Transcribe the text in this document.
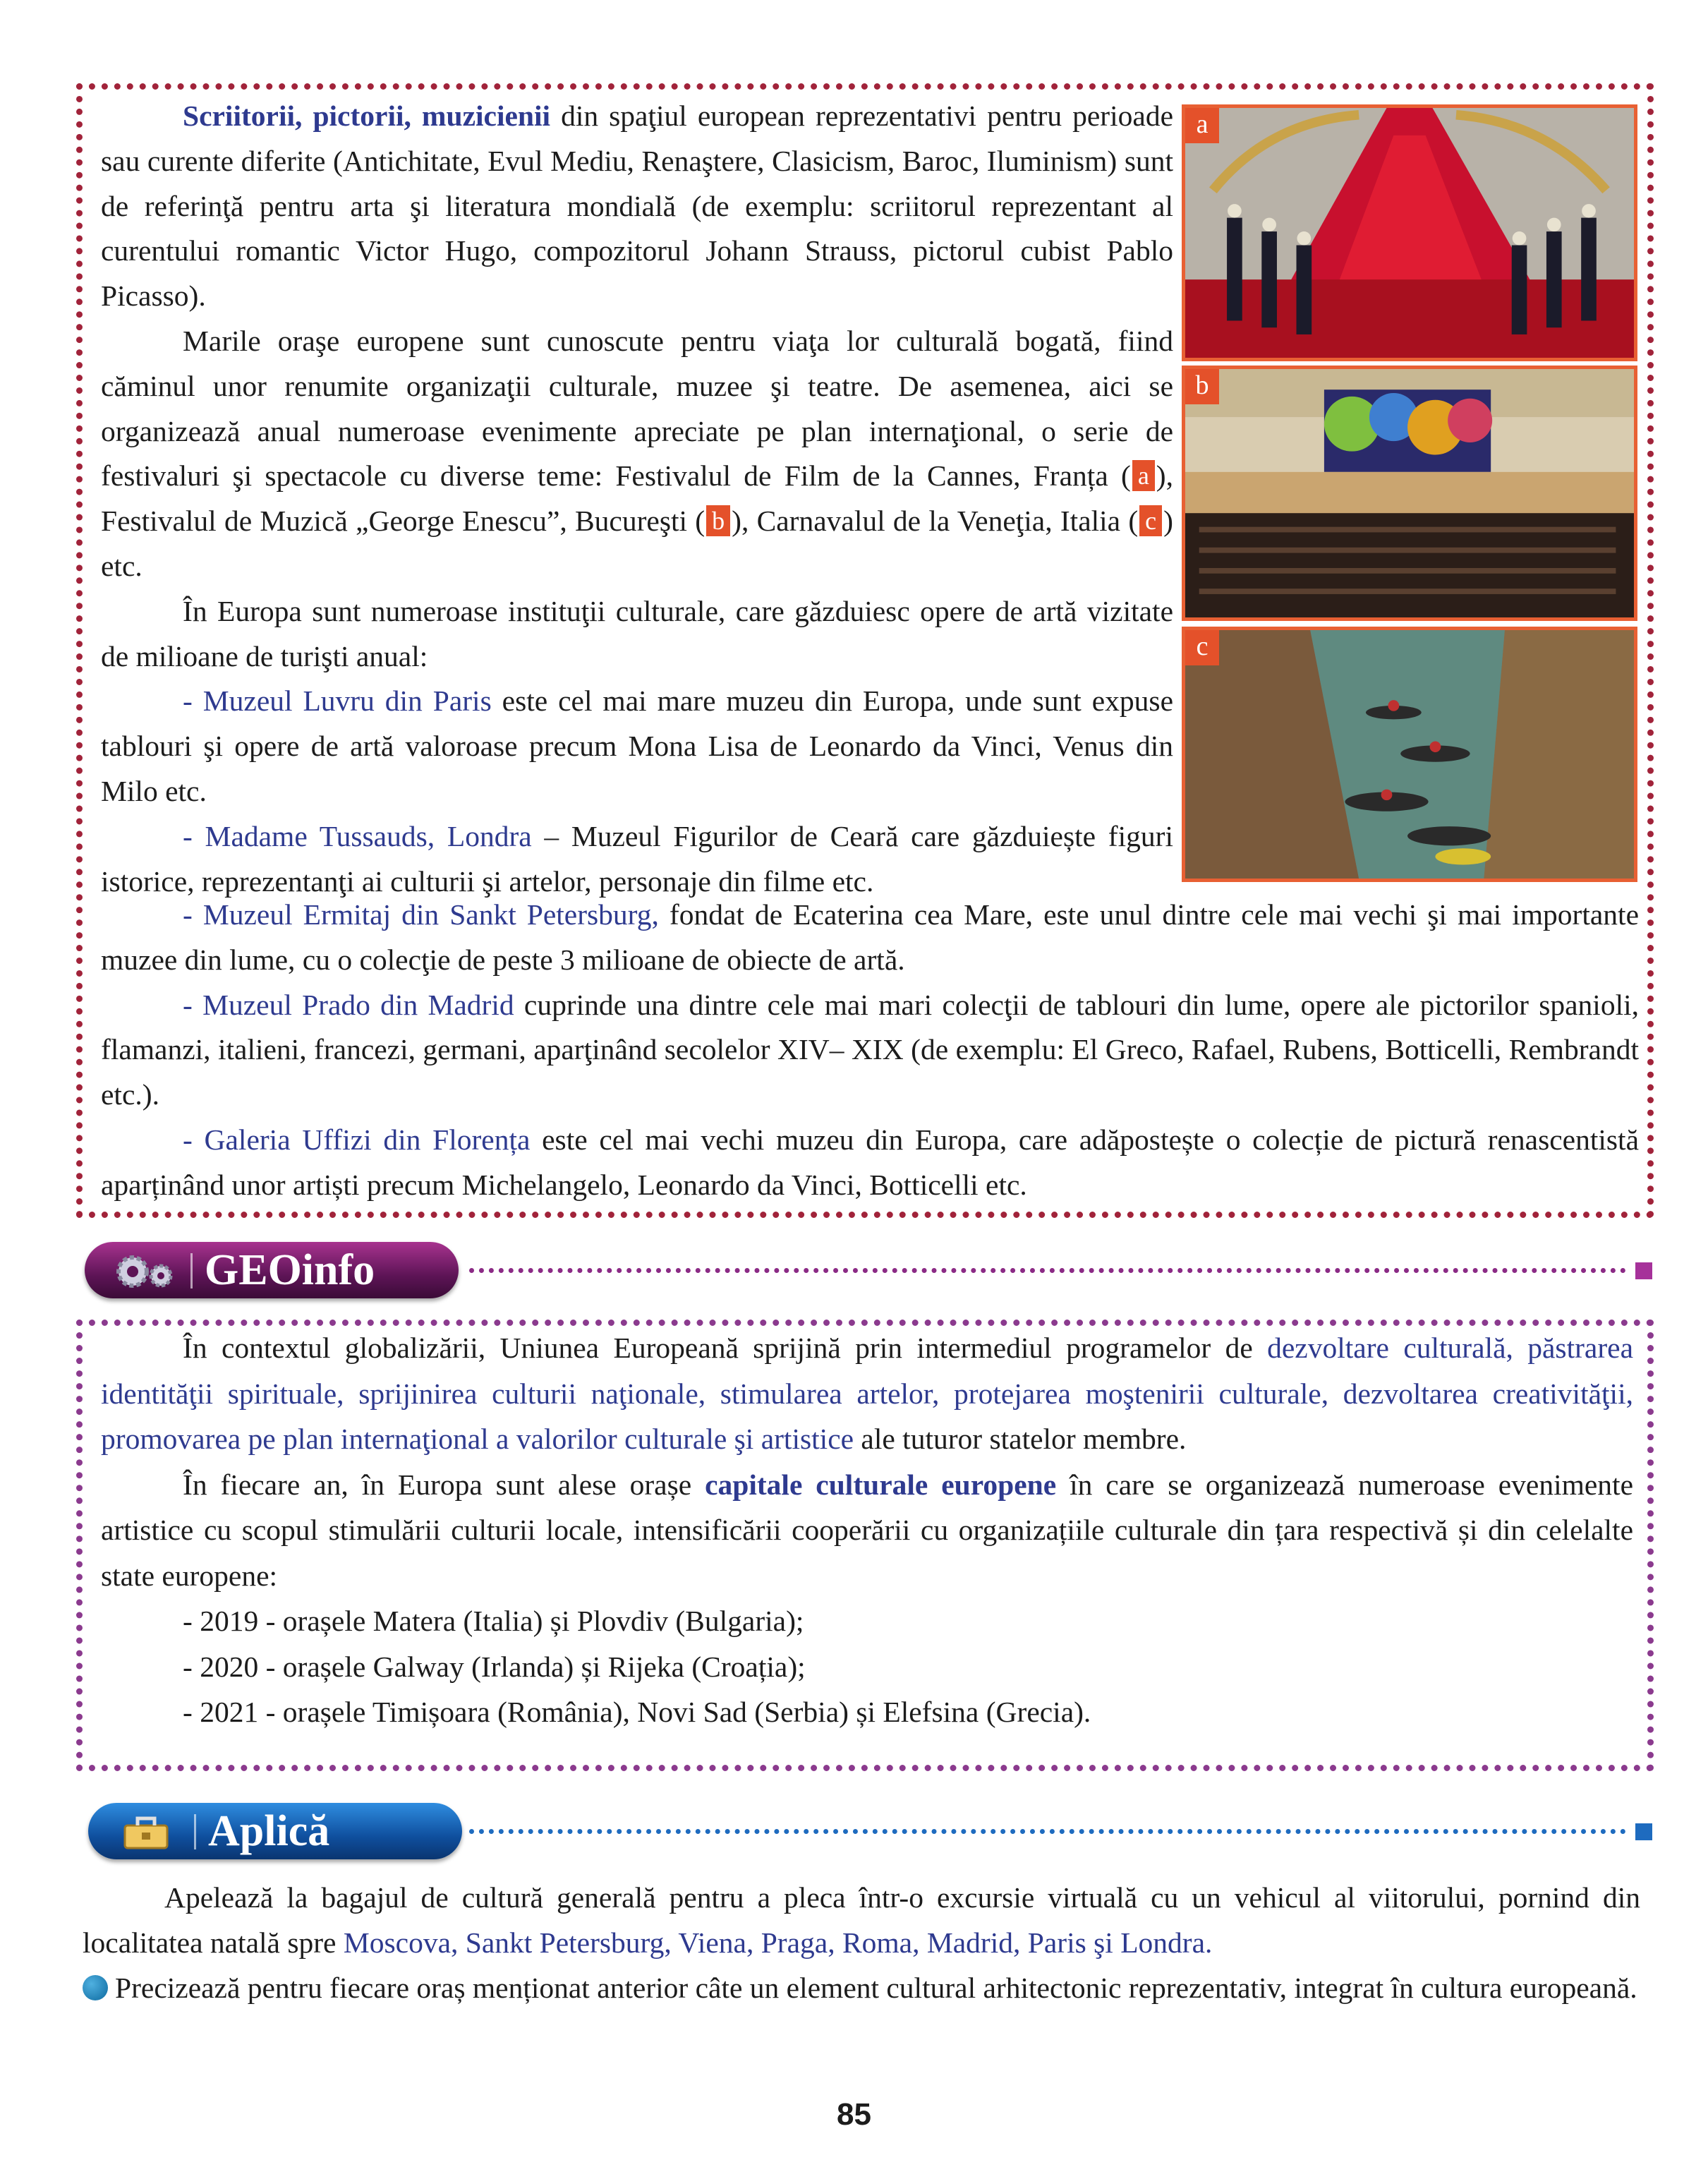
Scriitorii, pictorii, muzicienii din spaţiul european reprezentativi pentru perioade sau curente diferite (Antichitate, Evul Mediu, Renaştere, Clasicism, Baroc, Iluminism) sunt de referinţă pentru arta şi literatura mondială (de exemplu: scriitorul reprezentant al curentului romantic Victor Hugo, compozitorul Johann Strauss, pictorul cubist Pablo Picasso).

Marile oraşe europene sunt cunoscute pentru viaţa lor culturală bogată, fiind căminul unor renumite organizaţii culturale, muzee şi teatre. De asemenea, aici se organizează anual numeroase evenimente apreciate pe plan internaţional, o serie de festivaluri şi spectacole cu diverse teme: Festivalul de Film de la Cannes, Franța ( a ), Festivalul de Muzică „George Enescu”, Bucureşti ( b ), Carnavalul de la Veneţia, Italia ( c ) etc.

În Europa sunt numeroase instituţii culturale, care găzduiesc opere de artă vizitate de milioane de turişti anual:

- Muzeul Luvru din Paris este cel mai mare muzeu din Europa, unde sunt expuse tablouri şi opere de artă valoroase precum Mona Lisa de Leonardo da Vinci, Venus din Milo etc.

- Madame Tussauds, Londra – Muzeul Figurilor de Ceară care găzduiește figuri istorice, reprezentanţi ai culturii şi artelor, personaje din filme etc.

- Muzeul Ermitaj din Sankt Petersburg, fondat de Ecaterina cea Mare, este unul dintre cele mai vechi şi mai importante muzee din lume, cu o colecţie de peste 3 milioane de obiecte de artă.

- Muzeul Prado din Madrid cuprinde una dintre cele mai mari colecţii de tablouri din lume, opere ale pictorilor spanioli, flamanzi, italieni, francezi, germani, aparţinând secolelor XIV– XIX (de exemplu: El Greco, Rafael, Rubens, Botticelli, Rembrandt etc.).

- Galeria Uffizi din Florența este cel mai vechi muzeu din Europa, care adăpostește o colecție de pictură renascentistă aparținând unor artiști precum Michelangelo, Leonardo da Vinci, Botticelli etc.

a
b
c
GEOinfo

În contextul globalizării, Uniunea Europeană sprijină prin intermediul programelor de dezvoltare culturală, păstrarea identităţii spirituale, sprijinirea culturii naţionale, stimularea artelor, protejarea moştenirii culturale, dezvoltarea creativităţii, promovarea pe plan internaţional a valorilor culturale şi artistice ale tuturor statelor membre.

În fiecare an, în Europa sunt alese orașe capitale culturale europene în care se organizează numeroase evenimente artistice cu scopul stimulării culturii locale, intensificării cooperării cu organizațiile culturale din țara respectivă și din celelalte state europene:

- 2019 - orașele Matera (Italia) și Plovdiv (Bulgaria);

- 2020 - orașele Galway (Irlanda) și Rijeka (Croația);

- 2021 - orașele Timișoara (România), Novi Sad (Serbia) și Elefsina (Grecia).

Aplică

Apelează la bagajul de cultură generală pentru a pleca într-o excursie virtuală cu un vehicul al viitorului, pornind din localitatea natală spre Moscova, Sankt Petersburg, Viena, Praga, Roma, Madrid, Paris şi Londra.

Precizează pentru fiecare oraș menționat anterior câte un element cultural arhitectonic reprezentativ, integrat în cultura europeană.

85
